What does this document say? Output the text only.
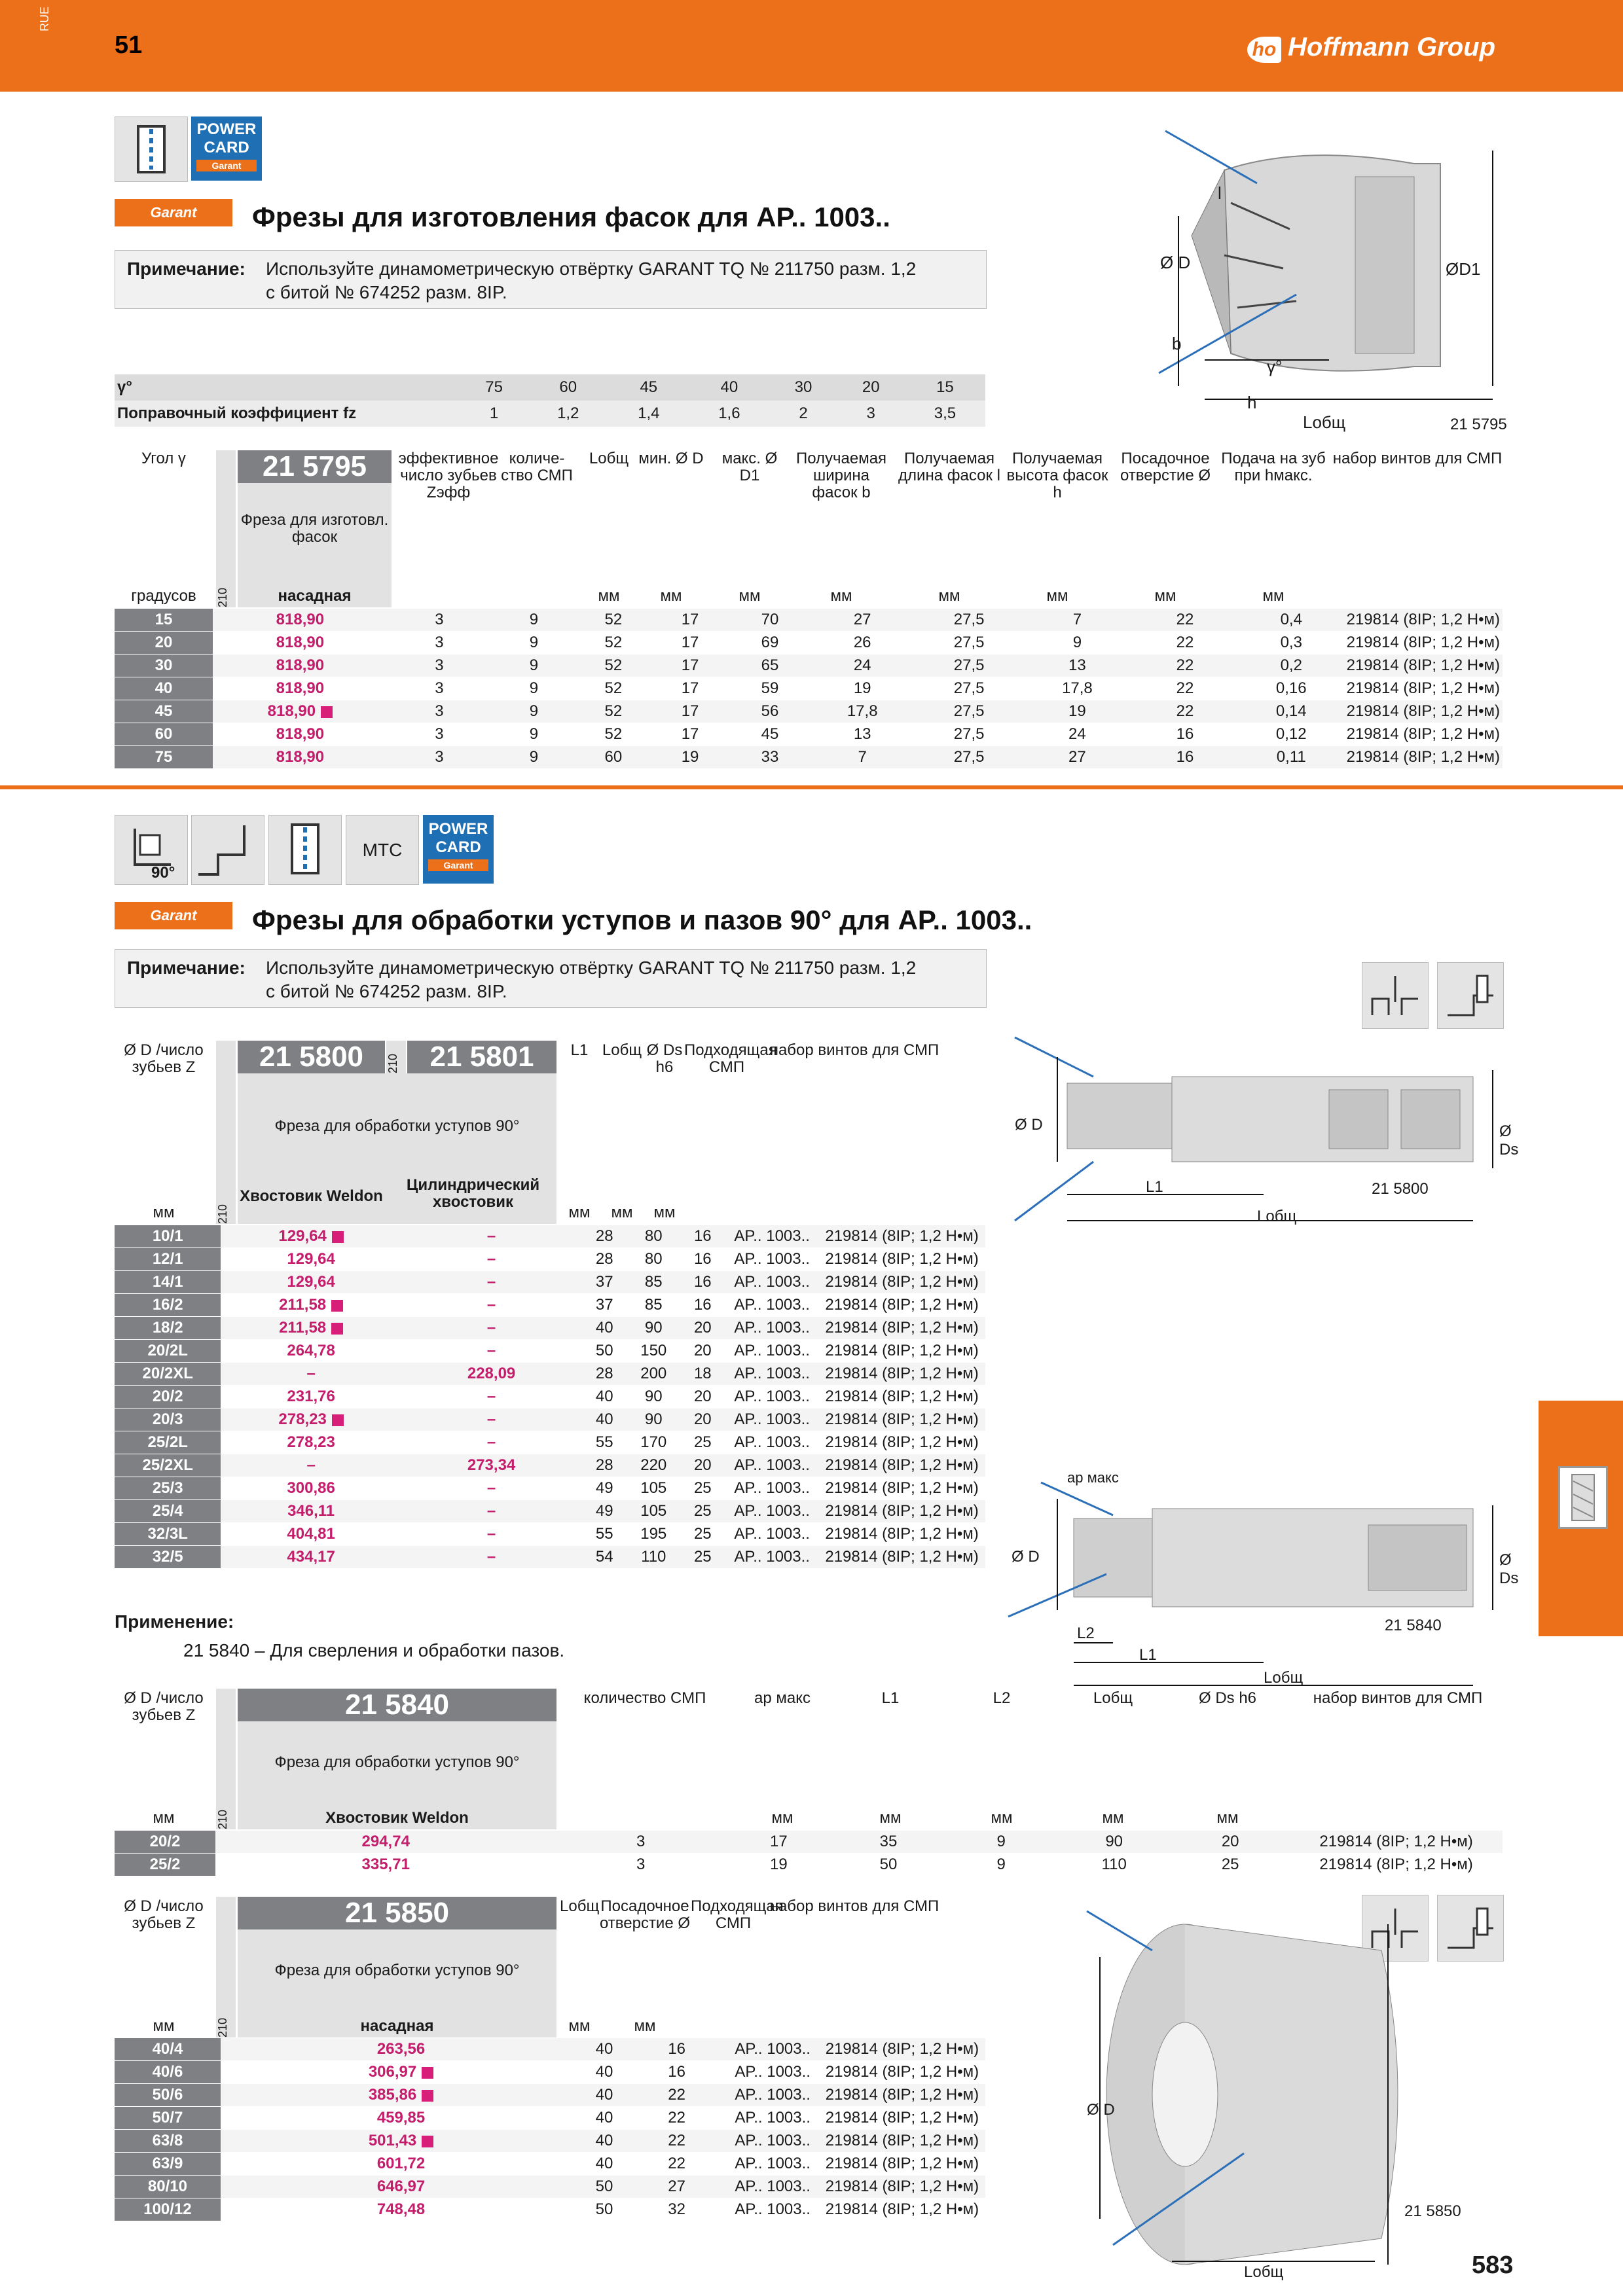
RUE
51	ho Hoffmann Group
POWER CARD
Garant
Garant	Фрезы для изготовления фасок для AP.. 1003..
Примечание: Используйте динамометрическую отвёртку GARANT TQ № 211750 разм. 1,2
с битой № 674252 разм. 8IP.
Ø D	ØD1
b
l
h
γ°
Lобщ	21 5795
γ°	75	60	45	40	30	20	15
Поправочный коэффициент fz	1	1,2	1,4	1,6	2	3	3,5
Угол γ
210
21 5795
Фреза для изготовл. фасок
эффективное число зубьев Zэфф
количе-ство СМП
Lобщ мин. Ø D	макс. Ø D1
Получаемая ширина фасок b
Получаемая длина фасок l
Получаемая высота фасок h
Посадочное отверстие Ø
Подача на зуб при hмакс.
набор винтов для СМП
градусов	насадная	мм	мм	мм	мм	мм	мм	мм	мм
15	818,90	3	9	52	17	70	27	27,5	7	22	0,4	219814 (8IP; 1,2 Н•м)
20	818,90	3	9	52	17	69	26	27,5	9	22	0,3	219814 (8IP; 1,2 Н•м)
30	818,90	3	9	52	17	65	24	27,5	13	22	0,2	219814 (8IP; 1,2 Н•м)
40	818,90	3	9	52	17	59	19	27,5	17,8	22	0,16	219814 (8IP; 1,2 Н•м)
45	818,90	3	9	52	17	56	17,8	27,5	19	22	0,14	219814 (8IP; 1,2 Н•м)
60	818,90	3	9	52	17	45	13	27,5	24	16	0,12	219814 (8IP; 1,2 Н•м)
75	818,90	3	9	60	19	33	7	27,5	27	16	0,11	219814 (8IP; 1,2 Н•м)
90°
MTC
POWER CARD
Garant
Garant	Фрезы для обработки уступов и пазов 90° для AP.. 1003..
Примечание: Используйте динамометрическую отвёртку GARANT TQ № 211750 разм. 1,2
с битой № 674252 разм. 8IP.
Ø D /число зубьев Z
210
21 5800	210	21 5801
Фреза для обработки уступов 90°
Хвостовик Weldon
Цилиндрический хвостовик
L1 Lобщ Ø Ds h6
Подходящая СМП
набор винтов для СМП
мм	мм	мм	мм
10/1	129,64	–	28	80	16	AP.. 1003..	219814 (8IP; 1,2 Н•м)
12/1	129,64	–	28	80	16	AP.. 1003..	219814 (8IP; 1,2 Н•м)
14/1	129,64	–	37	85	16	AP.. 1003..	219814 (8IP; 1,2 Н•м)
16/2	211,58	–	37	85	16	AP.. 1003..	219814 (8IP; 1,2 Н•м)
18/2	211,58	–	40	90	20	AP.. 1003..	219814 (8IP; 1,2 Н•м)
20/2L	264,78	–	50	150	20	AP.. 1003..	219814 (8IP; 1,2 Н•м)
20/2XL	–	228,09	28	200	18	AP.. 1003..	219814 (8IP; 1,2 Н•м)
20/2	231,76	–	40	90	20	AP.. 1003..	219814 (8IP; 1,2 Н•м)
20/3	278,23	–	40	90	20	AP.. 1003..	219814 (8IP; 1,2 Н•м)
25/2L	278,23	–	55	170	25	AP.. 1003..	219814 (8IP; 1,2 Н•м)
25/2XL	–	273,34	28	220	20	AP.. 1003..	219814 (8IP; 1,2 Н•м)
25/3	300,86	–	49	105	25	AP.. 1003..	219814 (8IP; 1,2 Н•м)
25/4	346,11	–	49	105	25	AP.. 1003..	219814 (8IP; 1,2 Н•м)
32/3L	404,81	–	55	195	25	AP.. 1003..	219814 (8IP; 1,2 Н•м)
32/5	434,17	–	54	110	25	AP.. 1003..	219814 (8IP; 1,2 Н•м)
Ø D	Ø Ds
L1
Lобщ
21 5800
ap макс
Ø D	Ø Ds
L2
L1
Lобщ
21 5840
Применение:
21 5840 – Для сверления и обработки пазов.
Ø D /число зубьев Z
210
21 5840
Фреза для обработки уступов 90°
Хвостовик Weldon
количество СМП	ap макс	L1	L2	Lобщ	Ø Ds h6	набор винтов для СМП
мм	мм	мм	мм	мм	мм
20/2	294,74	3	17	35	9	90	20	219814 (8IP; 1,2 Н•м)
25/2	335,71	3	19	50	9	110	25	219814 (8IP; 1,2 Н•м)
Ø D /число зубьев Z
210
21 5850
Фреза для обработки уступов 90°
насадная
Lобщ Посадочное отверстие Ø
Подходящая СМП
набор винтов для СМП
мм	мм	мм
40/4	263,56	40	16	AP.. 1003..	219814 (8IP; 1,2 Н•м)
40/6	306,97	40	16	AP.. 1003..	219814 (8IP; 1,2 Н•м)
50/6	385,86	40	22	AP.. 1003..	219814 (8IP; 1,2 Н•м)
50/7	459,85	40	22	AP.. 1003..	219814 (8IP; 1,2 Н•м)
63/8	501,43	40	22	AP.. 1003..	219814 (8IP; 1,2 Н•м)
63/9	601,72	40	22	AP.. 1003..	219814 (8IP; 1,2 Н•м)
80/10	646,97	50	27	AP.. 1003..	219814 (8IP; 1,2 Н•м)
100/12	748,48	50	32	AP.. 1003..	219814 (8IP; 1,2 Н•м)
Ø D
Lобщ
21 5850
583
